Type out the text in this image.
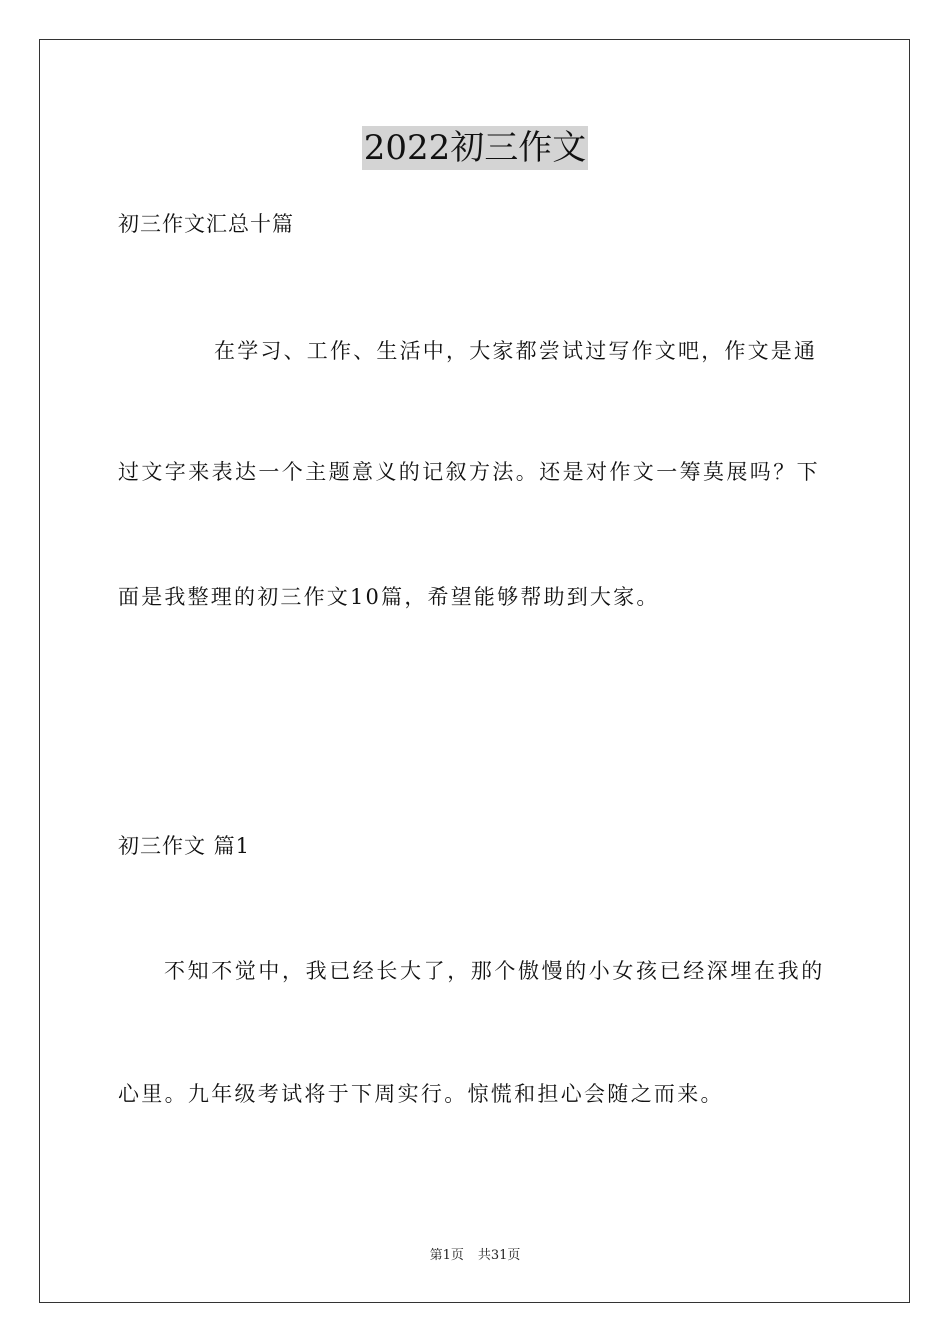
2022初三作文
初三作文汇总十篇
在学习、工作、生活中，大家都尝试过写作文吧，作文是通
过文字来表达一个主题意义的记叙方法。还是对作文一筹莫展吗？下
面是我整理的初三作文10篇，希望能够帮助到大家。
初三作文 篇1
不知不觉中，我已经长大了，那个傲慢的小女孩已经深埋在我的
心里。九年级考试将于下周实行。惊慌和担心会随之而来。
第1页 共31页
